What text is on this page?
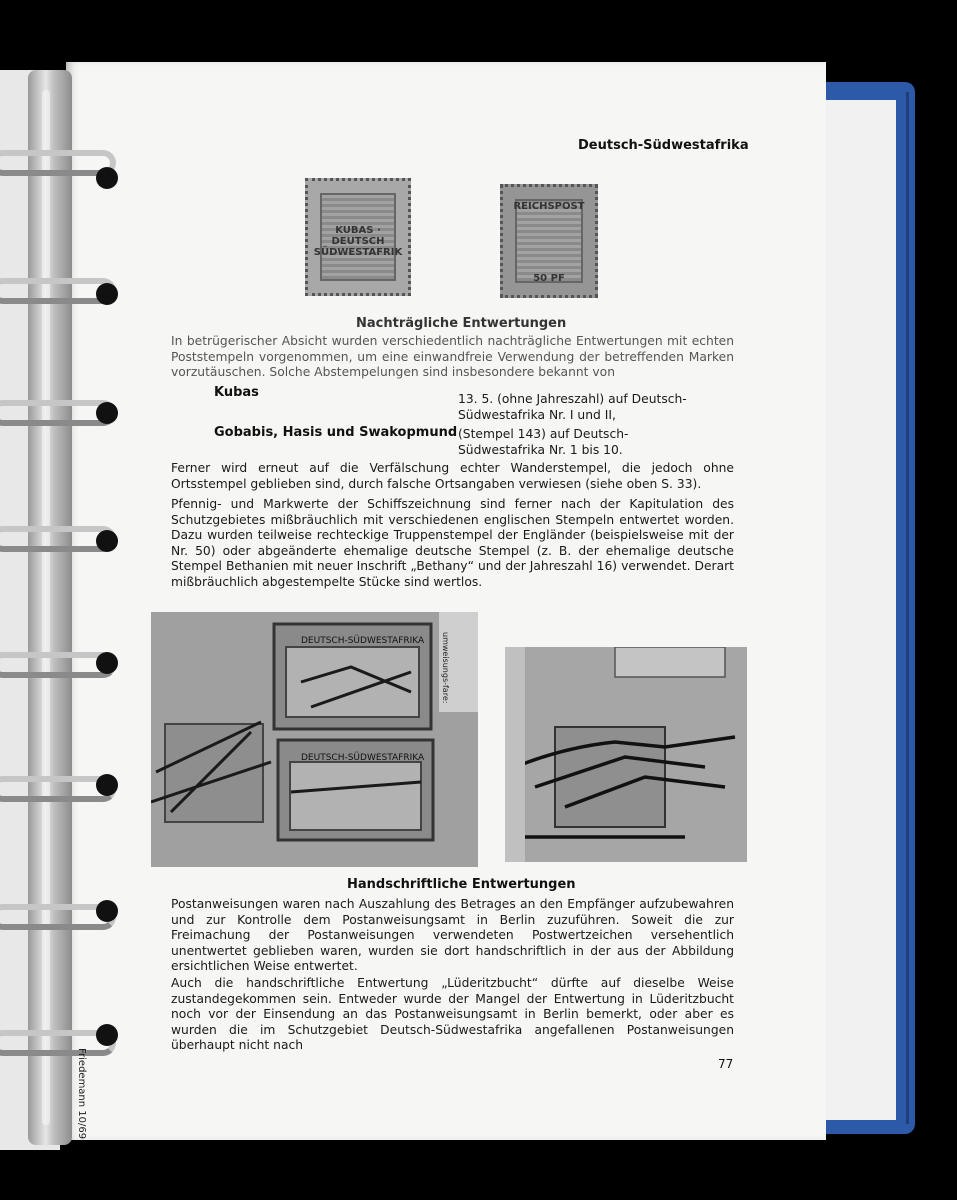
Deutsch-Südwestafrika
KUBAS · DEUTSCH SÜDWESTAFRIK
REICHSPOST
50 PF
Nachträgliche Entwertungen
In betrügerischer Absicht wurden verschiedentlich nachträgliche Entwertungen mit echten Poststempeln vorgenommen, um eine einwandfreie Verwendung der betreffenden Marken vorzutäuschen. Solche Abstempelungen sind insbesondere bekannt von
Kubas	13. 5. (ohne Jahreszahl) auf Deutsch-Südwestafrika Nr. I und II,
Gobabis, Hasis und Swakopmund (Stempel 143) auf Deutsch-Südwestafrika Nr. 1 bis 10.
Ferner wird erneut auf die Verfälschung echter Wanderstempel, die jedoch ohne Ortsstempel geblieben sind, durch falsche Ortsangaben verwiesen (siehe oben S. 33).
Pfennig- und Markwerte der Schiffszeichnung sind ferner nach der Kapitulation des Schutzgebietes mißbräuchlich mit verschiedenen englischen Stempeln entwertet worden. Dazu wurden teilweise rechteckige Truppenstempel der Engländer (beispielsweise mit der Nr. 50) oder abgeänderte ehemalige deutsche Stempel (z. B. der ehemalige deutsche Stempel Bethanien mit neuer Inschrift „Bethany“ und der Jahreszahl 16) verwendet. Derart mißbräuchlich abgestempelte Stücke sind wertlos.
DEUTSCH-SÜDWESTAFRIKA
DEUTSCH-SÜDWESTAFRIKA
umweisungs-fare:
Handschriftliche Entwertungen
Postanweisungen waren nach Auszahlung des Betrages an den Empfänger aufzubewahren und zur Kontrolle dem Postanweisungsamt in Berlin zuzuführen. Soweit die zur Freimachung der Postanweisungen verwendeten Postwertzeichen versehentlich unentwertet geblieben waren, wurden sie dort handschriftlich in der aus der Abbildung ersichtlichen Weise entwertet.
Auch die handschriftliche Entwertung „Lüderitzbucht“ dürfte auf dieselbe Weise zustandegekommen sein. Entweder wurde der Mangel der Entwertung in Lüderitzbucht noch vor der Einsendung an das Postanweisungsamt in Berlin bemerkt, oder aber es wurden die im Schutzgebiet Deutsch-Südwestafrika angefallenen Postanweisungen überhaupt nicht nach
77
Friedemann 10/69
